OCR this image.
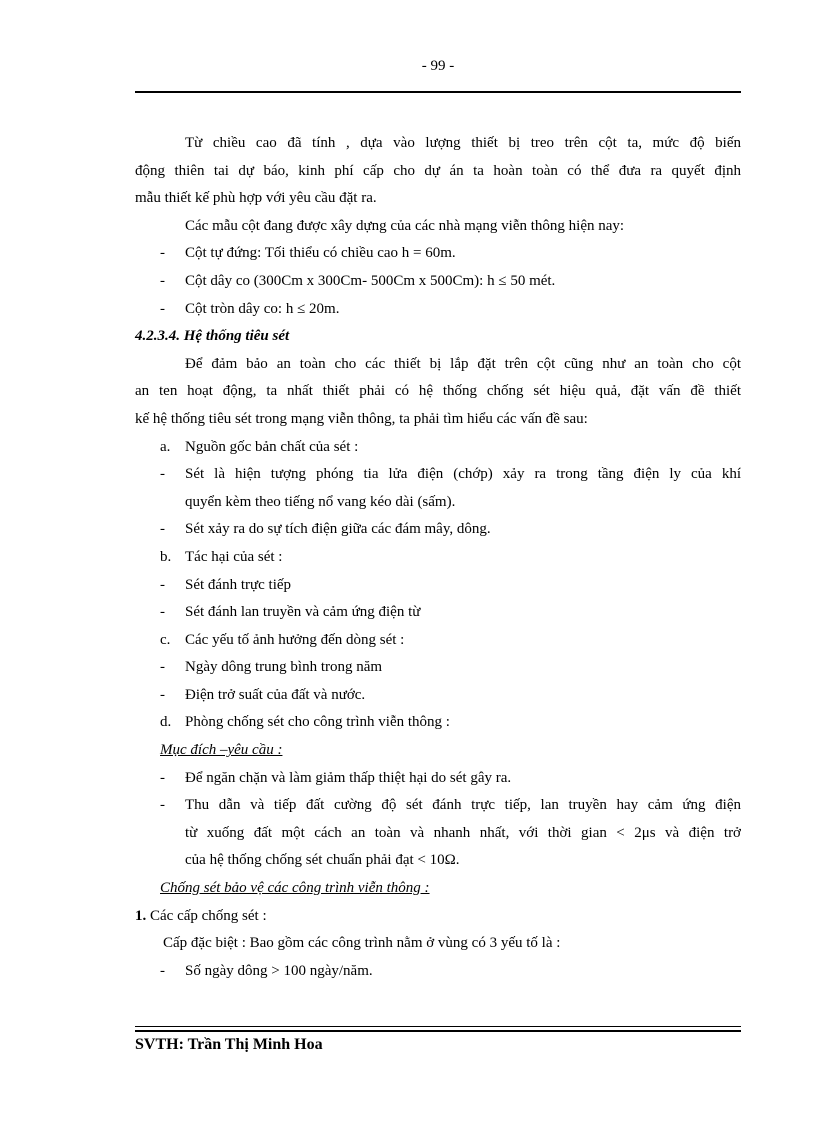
- 99 -
Từ chiều cao đã tính , dựa vào lượng thiết bị treo trên cột ta, mức độ biến
động thiên tai dự báo, kinh phí cấp cho dự án ta hoàn toàn có thể đưa ra quyết định
mẫu thiết kế phù hợp với yêu cầu đặt ra.
Các mẫu cột đang được xây dựng của các nhà mạng viễn thông hiện nay:
- Cột tự đứng: Tối thiểu có chiều cao h = 60m.
- Cột dây co (300Cm x 300Cm- 500Cm x 500Cm): h ≤ 50 mét.
- Cột tròn dây co: h ≤ 20m.
4.2.3.4. Hệ thống tiêu sét
Để đảm bảo an toàn cho các thiết bị lắp đặt trên cột cũng như an toàn cho cột
an ten hoạt động, ta nhất thiết phải có hệ thống chống sét hiệu quả, đặt vấn đề thiết
kế hệ thống tiêu sét trong mạng viễn thông, ta phải tìm hiểu các vấn đề sau:
a. Nguồn gốc bản chất của sét :
- Sét là hiện tượng phóng tia lửa điện (chớp) xảy ra trong tầng điện ly của khí
quyển kèm theo tiếng nổ vang kéo dài (sấm).
- Sét xảy ra do sự tích điện giữa các đám mây, dông.
b. Tác hại của sét :
- Sét đánh trực tiếp
- Sét đánh lan truyền và cảm ứng điện từ
c. Các yếu tố ảnh hưởng đến dòng sét :
- Ngày dông trung bình trong năm
- Điện trở suất của đất và nước.
d. Phòng chống sét cho công trình viễn thông :
Mục đích –yêu cầu :
- Để ngăn chặn và làm giảm thấp thiệt hại do sét gây ra.
- Thu dẫn và tiếp đất cường độ sét đánh trực tiếp, lan truyền hay cảm ứng điện
từ xuống đất một cách an toàn và nhanh nhất, với thời gian < 2μs và điện trở
của hệ thống chống sét chuẩn phải đạt < 10Ω.
Chống sét bảo vệ các công trình viễn thông :
1. Các cấp chống sét :
Cấp đặc biệt : Bao gồm các công trình nằm ở vùng có 3 yếu tố là :
- Số ngày dông > 100 ngày/năm.
SVTH: Trần Thị Minh Hoa
